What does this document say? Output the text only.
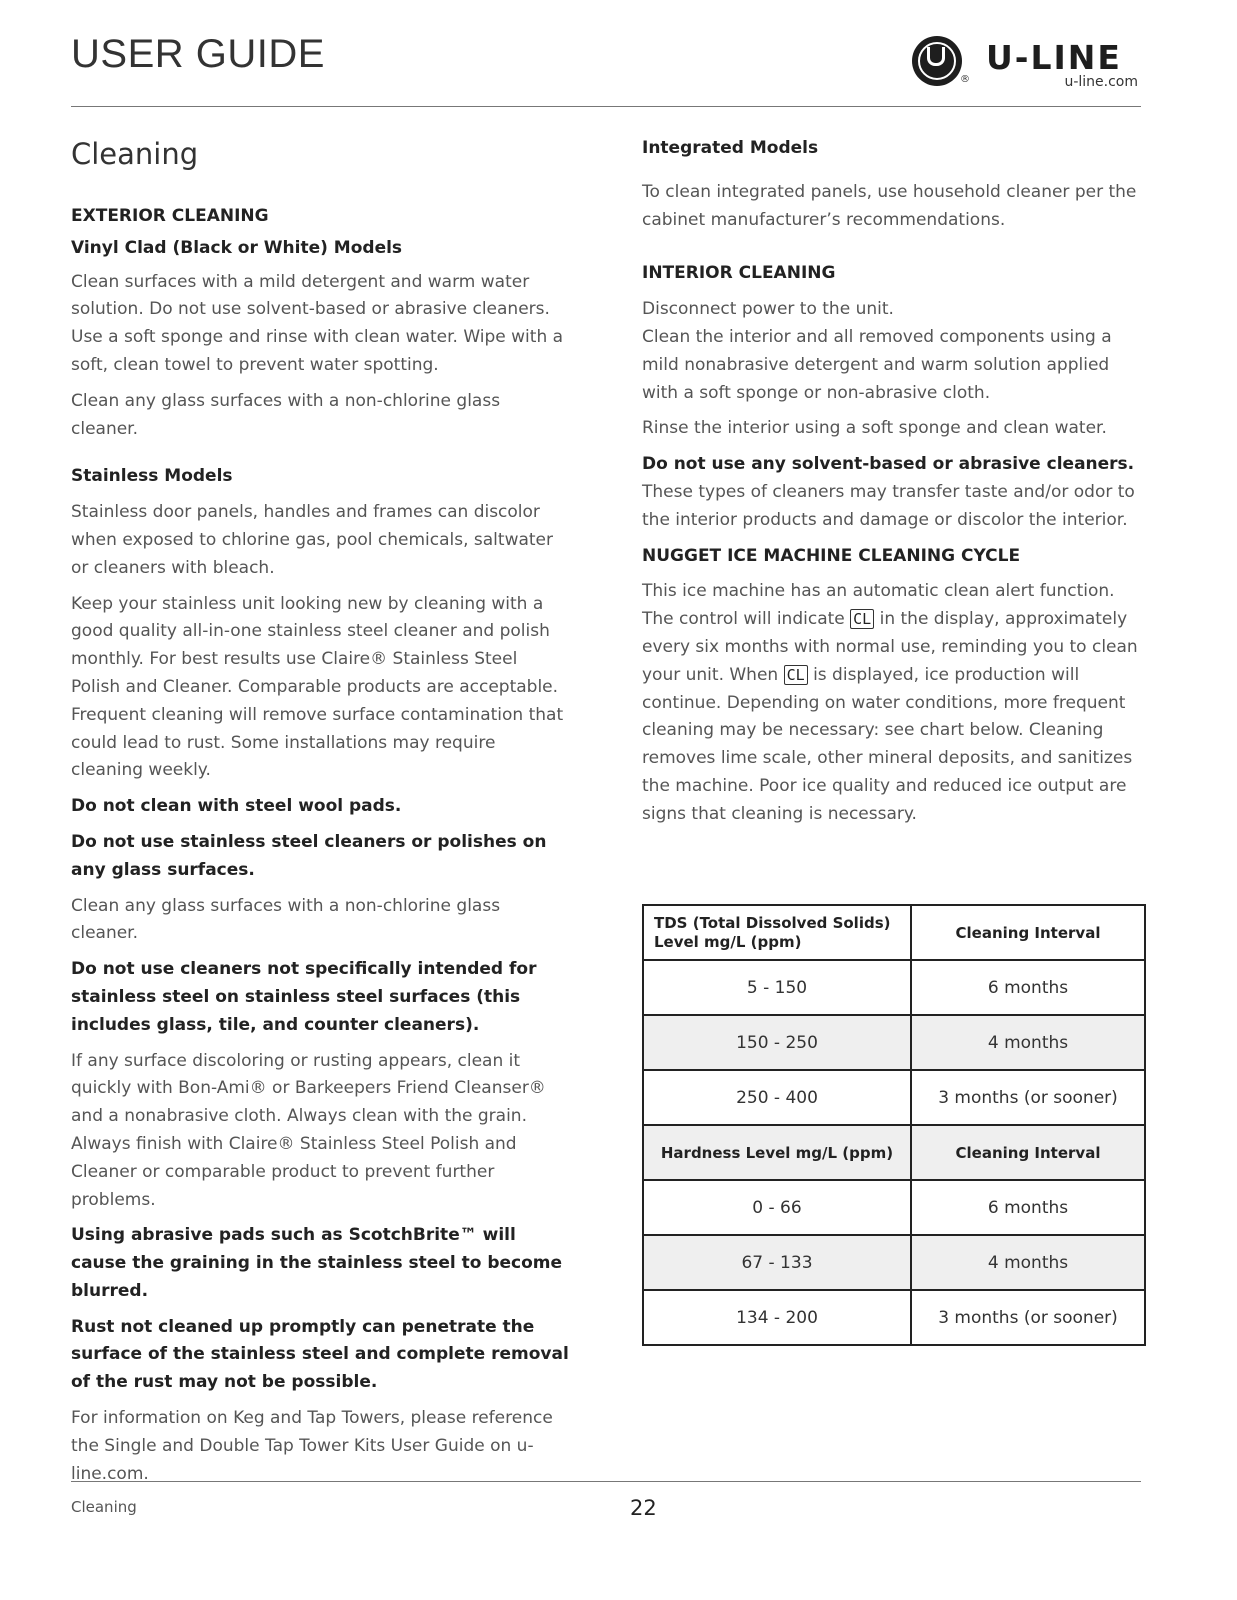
USER GUIDE
®
U-LINE
u-line.com
Cleaning

EXTERIOR CLEANING

Vinyl Clad (Black or White) Models

Clean surfaces with a mild detergent and warm water solution. Do not use solvent-based or abrasive cleaners. Use a soft sponge and rinse with clean water. Wipe with a soft, clean towel to prevent water spotting.

Clean any glass surfaces with a non-chlorine glass cleaner.

Stainless Models

Stainless door panels, handles and frames can discolor when exposed to chlorine gas, pool chemicals, saltwater or cleaners with bleach.

Keep your stainless unit looking new by cleaning with a good quality all-in-one stainless steel cleaner and polish monthly. For best results use Claire® Stainless Steel Polish and Cleaner. Comparable products are acceptable. Frequent cleaning will remove surface contamination that could lead to rust. Some installations may require cleaning weekly.

Do not clean with steel wool pads.

Do not use stainless steel cleaners or polishes on any glass surfaces.

Clean any glass surfaces with a non-chlorine glass cleaner.

Do not use cleaners not specifically intended for stainless steel on stainless steel surfaces (this includes glass, tile, and counter cleaners).

If any surface discoloring or rusting appears, clean it quickly with Bon-Ami® or Barkeepers Friend Cleanser® and a nonabrasive cloth. Always clean with the grain. Always finish with Claire® Stainless Steel Polish and Cleaner or comparable product to prevent further problems.

Using abrasive pads such as ScotchBrite™ will cause the graining in the stainless steel to become blurred.

Rust not cleaned up promptly can penetrate the surface of the stainless steel and complete removal of the rust may not be possible.

For information on Keg and Tap Towers, please reference the Single and Double Tap Tower Kits User Guide on u-line.com.

Integrated Models

To clean integrated panels, use household cleaner per the cabinet manufacturer’s recommendations.

INTERIOR CLEANING

Disconnect power to the unit.
Clean the interior and all removed components using a mild nonabrasive detergent and warm solution applied with a soft sponge or non-abrasive cloth.

Rinse the interior using a soft sponge and clean water.

Do not use any solvent-based or abrasive cleaners. These types of cleaners may transfer taste and/or odor to the interior products and damage or discolor the interior.

NUGGET ICE MACHINE CLEANING CYCLE

This ice machine has an automatic clean alert function. The control will indicate CL in the display, approximately every six months with normal use, reminding you to clean your unit. When CL is displayed, ice production will continue. Depending on water conditions, more frequent cleaning may be necessary: see chart below. Cleaning removes lime scale, other mineral deposits, and sanitizes the machine. Poor ice quality and reduced ice output are signs that cleaning is necessary.

TDS (Total Dissolved Solids) Level mg/L (ppm)	Cleaning Interval
5 - 150	6 months
150 - 250	4 months
250 - 400	3 months (or sooner)
Hardness Level mg/L (ppm)	Cleaning Interval
0 - 66	6 months
67 - 133	4 months
134 - 200	3 months (or sooner)
Cleaning	22
